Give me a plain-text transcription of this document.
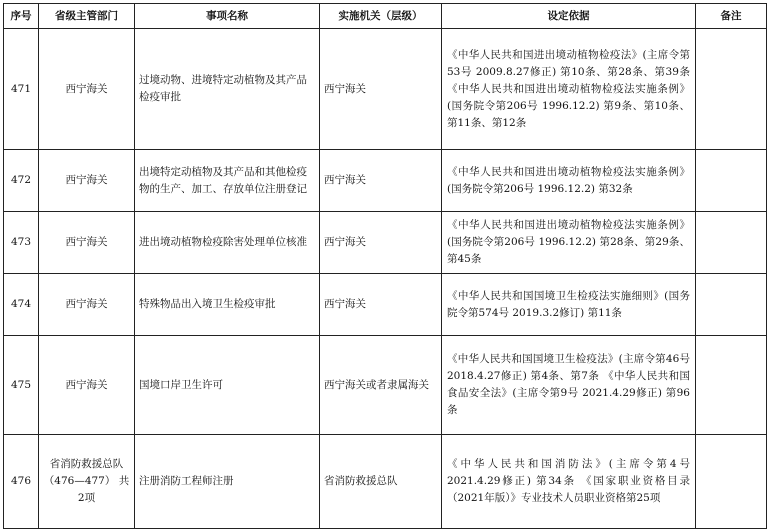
序号	省级主管部门	事项名称	实施机关（层级）	设定依据	备注
471	西宁海关	过境动物、进境特定动植物及其产品检疫审批	西宁海关	《中华人民共和国进出境动植物检疫法》(主席令第53号 2009.8.27修正) 第10条、第28条、第39条 《中华人民共和国进出境动植物检疫法实施条例》(国务院令第206号 1996.12.2) 第9条、第10条、第11条、第12条	
472	西宁海关	出境特定动植物及其产品和其他检疫物的生产、加工、存放单位注册登记	西宁海关	《中华人民共和国进出境动植物检疫法实施条例》(国务院令第206号 1996.12.2) 第32条	
473	西宁海关	进出境动植物检疫除害处理单位核准	西宁海关	《中华人民共和国进出境动植物检疫法实施条例》(国务院令第206号 1996.12.2) 第28条、第29条、第45条	
474	西宁海关	特殊物品出入境卫生检疫审批	西宁海关	《中华人民共和国国境卫生检疫法实施细则》(国务院令第574号 2019.3.2修订) 第11条	
475	西宁海关	国境口岸卫生许可	西宁海关或者隶属海关	《中华人民共和国国境卫生检疫法》(主席令第46号 2018.4.27修正) 第4条、第7条 《中华人民共和国食品安全法》(主席令第9号 2021.4.29修正) 第96条	
476	省消防救援总队 （476—477） 共2项	注册消防工程师注册	省消防救援总队	《中华人民共和国消防法》(主席令第4号 2021.4.29修正) 第34条 《国家职业资格目录（2021年版）》专业技术人员职业资格第25项	
